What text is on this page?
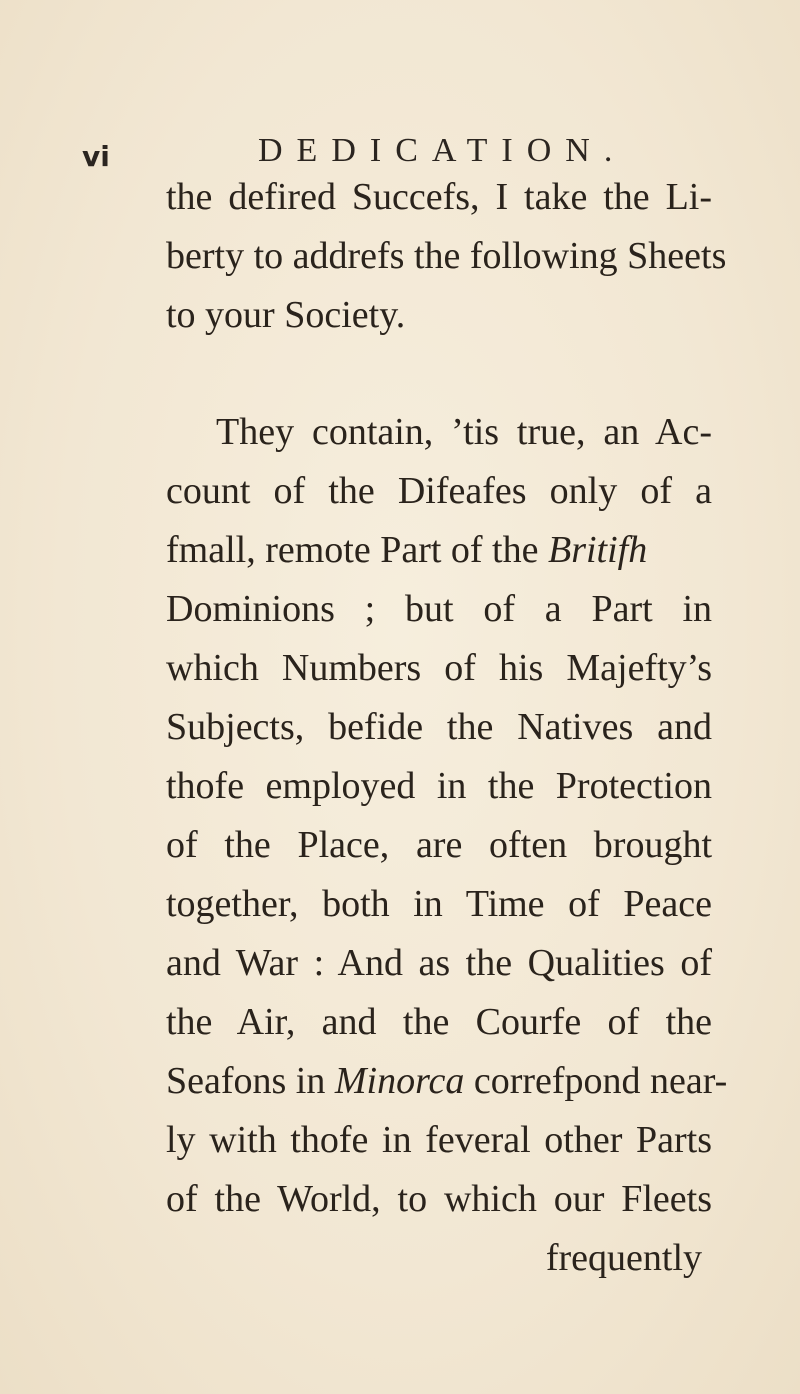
vi	DEDICATION.
the defired Succefs, I take the Li-
berty to addrefs the following Sheets
to your Society.
They contain, ’tis true, an Ac-
count of the Difeafes only of a
fmall, remote Part of the Britifh
Dominions ; but of a Part in
which Numbers of his Majefty’s
Subjects, befide the Natives and
thofe employed in the Protection
of the Place, are often brought
together, both in Time of Peace
and War : And as the Qualities of
the Air, and the Courfe of the
Seafons in Minorca correfpond near-
ly with thofe in feveral other Parts
of the World, to which our Fleets
frequently
